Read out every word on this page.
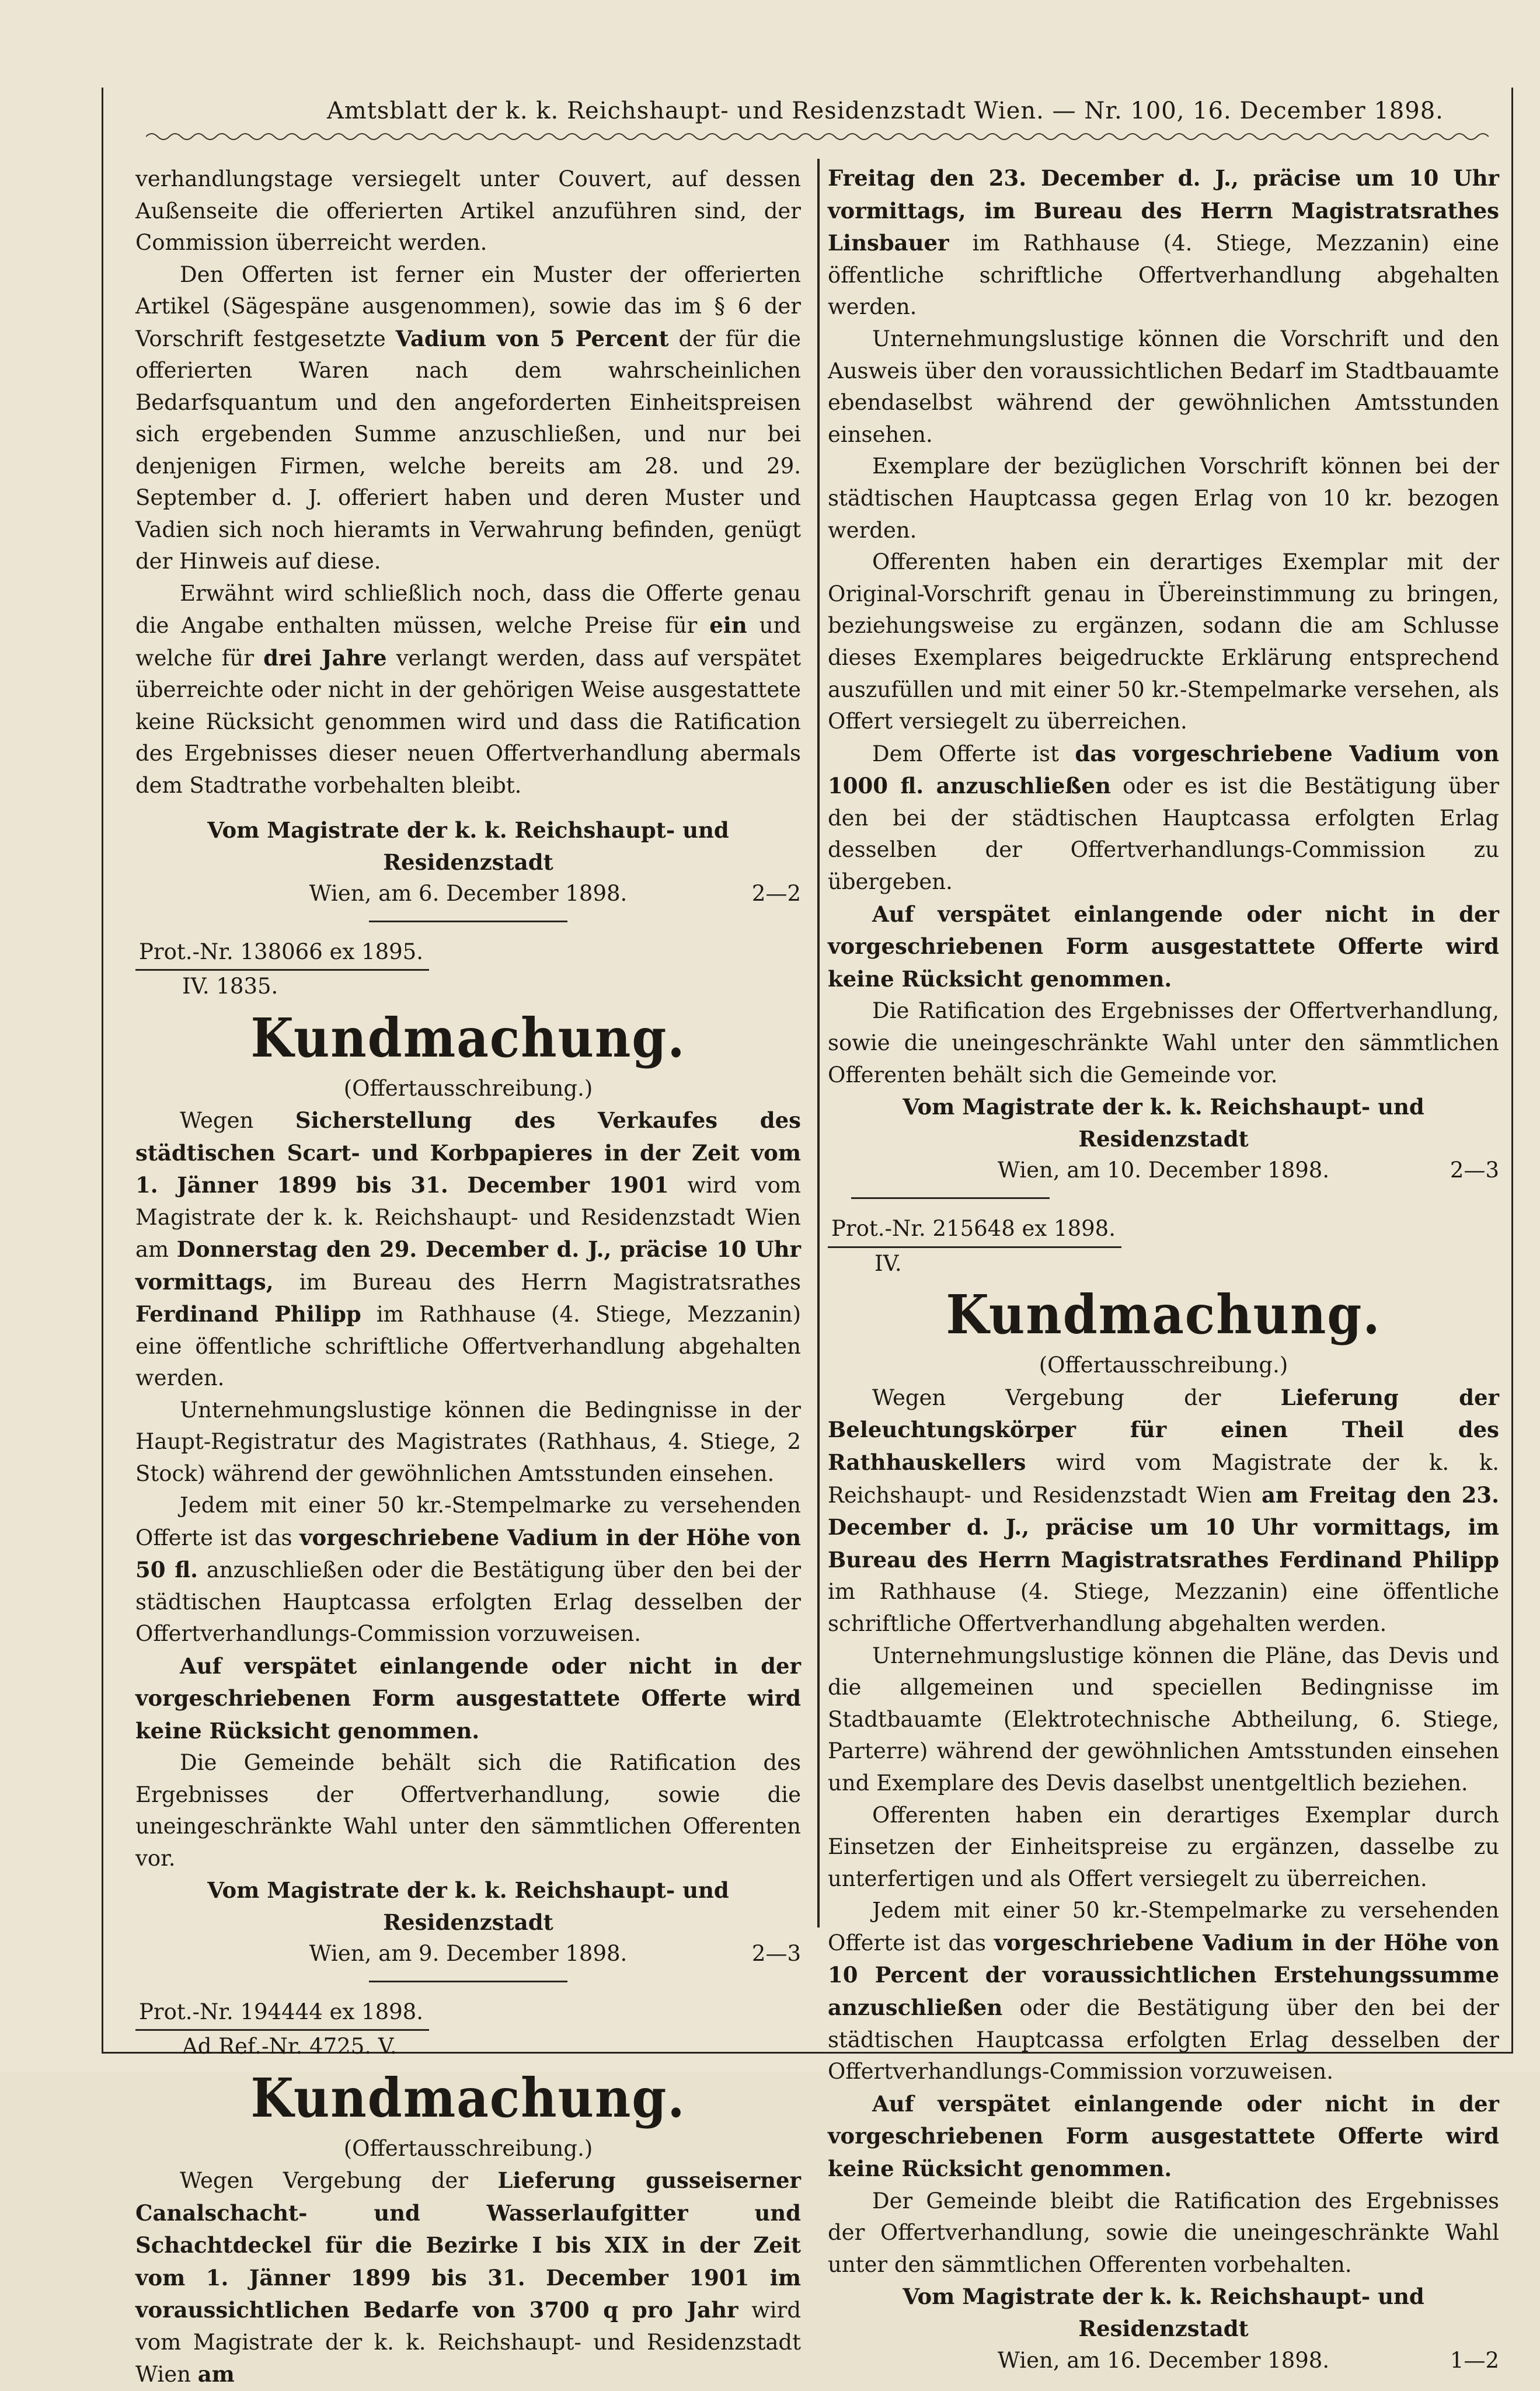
Amtsblatt der k. k. Reichshaupt- und Residenzstadt Wien. — Nr. 100, 16. December 1898.

verhandlungstage versiegelt unter Couvert, auf dessen Außenseite die offerierten Artikel anzuführen sind, der Commission überreicht werden.

Den Offerten ist ferner ein Muster der offerierten Artikel (Sägespäne ausgenommen), sowie das im § 6 der Vorschrift festgesetzte Vadium von 5 Percent der für die offerierten Waren nach dem wahrscheinlichen Bedarfsquantum und den angeforderten Einheitspreisen sich ergebenden Summe anzuschließen, und nur bei denjenigen Firmen, welche bereits am 28. und 29. September d. J. offeriert haben und deren Muster und Vadien sich noch hieramts in Verwahrung befinden, genügt der Hinweis auf diese.

Erwähnt wird schließlich noch, dass die Offerte genau die Angabe enthalten müssen, welche Preise für ein und welche für drei Jahre verlangt werden, dass auf verspätet überreichte oder nicht in der gehörigen Weise ausgestattete keine Rücksicht genommen wird und dass die Ratification des Ergebnisses dieser neuen Offertverhandlung abermals dem Stadtrathe vorbehalten bleibt.

Vom Magistrate der k. k. Reichshaupt- und Residenzstadt

Wien, am 6. December 1898.	2—2
Prot.-Nr. 138066 ex 1895.
IV. 1835.
Kundmachung.
(Offertausschreibung.)

Wegen Sicherstellung des Verkaufes des städtischen Scart- und Korbpapieres in der Zeit vom 1. Jänner 1899 bis 31. December 1901 wird vom Magistrate der k. k. Reichshaupt- und Residenzstadt Wien am Donnerstag den 29. December d. J., präcise 10 Uhr vormittags, im Bureau des Herrn Magistratsrathes Ferdinand Philipp im Rathhause (4. Stiege, Mezzanin) eine öffentliche schriftliche Offertverhandlung abgehalten werden.

Unternehmungslustige können die Bedingnisse in der Haupt-Registratur des Magistrates (Rathhaus, 4. Stiege, 2 Stock) während der gewöhnlichen Amtsstunden einsehen.

Jedem mit einer 50 kr.-Stempelmarke zu versehenden Offerte ist das vorgeschriebene Vadium in der Höhe von 50 fl. anzuschließen oder die Bestätigung über den bei der städtischen Hauptcassa erfolgten Erlag desselben der Offertverhandlungs-Commission vorzuweisen.

Auf verspätet einlangende oder nicht in der vorgeschriebenen Form ausgestattete Offerte wird keine Rücksicht genommen.

Die Gemeinde behält sich die Ratification des Ergebnisses der Offertverhandlung, sowie die uneingeschränkte Wahl unter den sämmtlichen Offerenten vor.

Vom Magistrate der k. k. Reichshaupt- und Residenzstadt

Wien, am 9. December 1898.	2—3
Prot.-Nr. 194444 ex 1898.
Ad Ref.-Nr. 4725. V.
Kundmachung.
(Offertausschreibung.)

Wegen Vergebung der Lieferung gusseiserner Canalschacht- und Wasserlaufgitter und Schachtdeckel für die Bezirke I bis XIX in der Zeit vom 1. Jänner 1899 bis 31. December 1901 im voraussichtlichen Bedarfe von 3700 q pro Jahr wird vom Magistrate der k. k. Reichshaupt- und Residenzstadt Wien am

Freitag den 23. December d. J., präcise um 10 Uhr vormittags, im Bureau des Herrn Magistratsrathes Linsbauer im Rathhause (4. Stiege, Mezzanin) eine öffentliche schriftliche Offertverhandlung abgehalten werden.

Unternehmungslustige können die Vorschrift und den Ausweis über den voraussichtlichen Bedarf im Stadtbauamte ebendaselbst während der gewöhnlichen Amtsstunden einsehen.

Exemplare der bezüglichen Vorschrift können bei der städtischen Hauptcassa gegen Erlag von 10 kr. bezogen werden.

Offerenten haben ein derartiges Exemplar mit der Original-Vorschrift genau in Übereinstimmung zu bringen, beziehungsweise zu ergänzen, sodann die am Schlusse dieses Exemplares beigedruckte Erklärung entsprechend auszufüllen und mit einer 50 kr.-Stempelmarke versehen, als Offert versiegelt zu überreichen.

Dem Offerte ist das vorgeschriebene Vadium von 1000 fl. anzuschließen oder es ist die Bestätigung über den bei der städtischen Hauptcassa erfolgten Erlag desselben der Offertverhandlungs-Commission zu übergeben.

Auf verspätet einlangende oder nicht in der vorgeschriebenen Form ausgestattete Offerte wird keine Rücksicht genommen.

Die Ratification des Ergebnisses der Offertverhandlung, sowie die uneingeschränkte Wahl unter den sämmtlichen Offerenten behält sich die Gemeinde vor.

Vom Magistrate der k. k. Reichshaupt- und Residenzstadt

Wien, am 10. December 1898.	2—3
Prot.-Nr. 215648 ex 1898.
IV.
Kundmachung.
(Offertausschreibung.)

Wegen Vergebung der Lieferung der Beleuchtungskörper für einen Theil des Rathhauskellers wird vom Magistrate der k. k. Reichshaupt- und Residenzstadt Wien am Freitag den 23. December d. J., präcise um 10 Uhr vormittags, im Bureau des Herrn Magistratsrathes Ferdinand Philipp im Rathhause (4. Stiege, Mezzanin) eine öffentliche schriftliche Offertverhandlung abgehalten werden.

Unternehmungslustige können die Pläne, das Devis und die allgemeinen und speciellen Bedingnisse im Stadtbauamte (Elektrotechnische Abtheilung, 6. Stiege, Parterre) während der gewöhnlichen Amtsstunden einsehen und Exemplare des Devis daselbst unentgeltlich beziehen.

Offerenten haben ein derartiges Exemplar durch Einsetzen der Einheitspreise zu ergänzen, dasselbe zu unterfertigen und als Offert versiegelt zu überreichen.

Jedem mit einer 50 kr.-Stempelmarke zu versehenden Offerte ist das vorgeschriebene Vadium in der Höhe von 10 Percent der voraussichtlichen Erstehungssumme anzuschließen oder die Bestätigung über den bei der städtischen Hauptcassa erfolgten Erlag desselben der Offertverhandlungs-Commission vorzuweisen.

Auf verspätet einlangende oder nicht in der vorgeschriebenen Form ausgestattete Offerte wird keine Rücksicht genommen.

Der Gemeinde bleibt die Ratification des Ergebnisses der Offertverhandlung, sowie die uneingeschränkte Wahl unter den sämmtlichen Offerenten vorbehalten.

Vom Magistrate der k. k. Reichshaupt- und Residenzstadt

Wien, am 16. December 1898.	1—2
